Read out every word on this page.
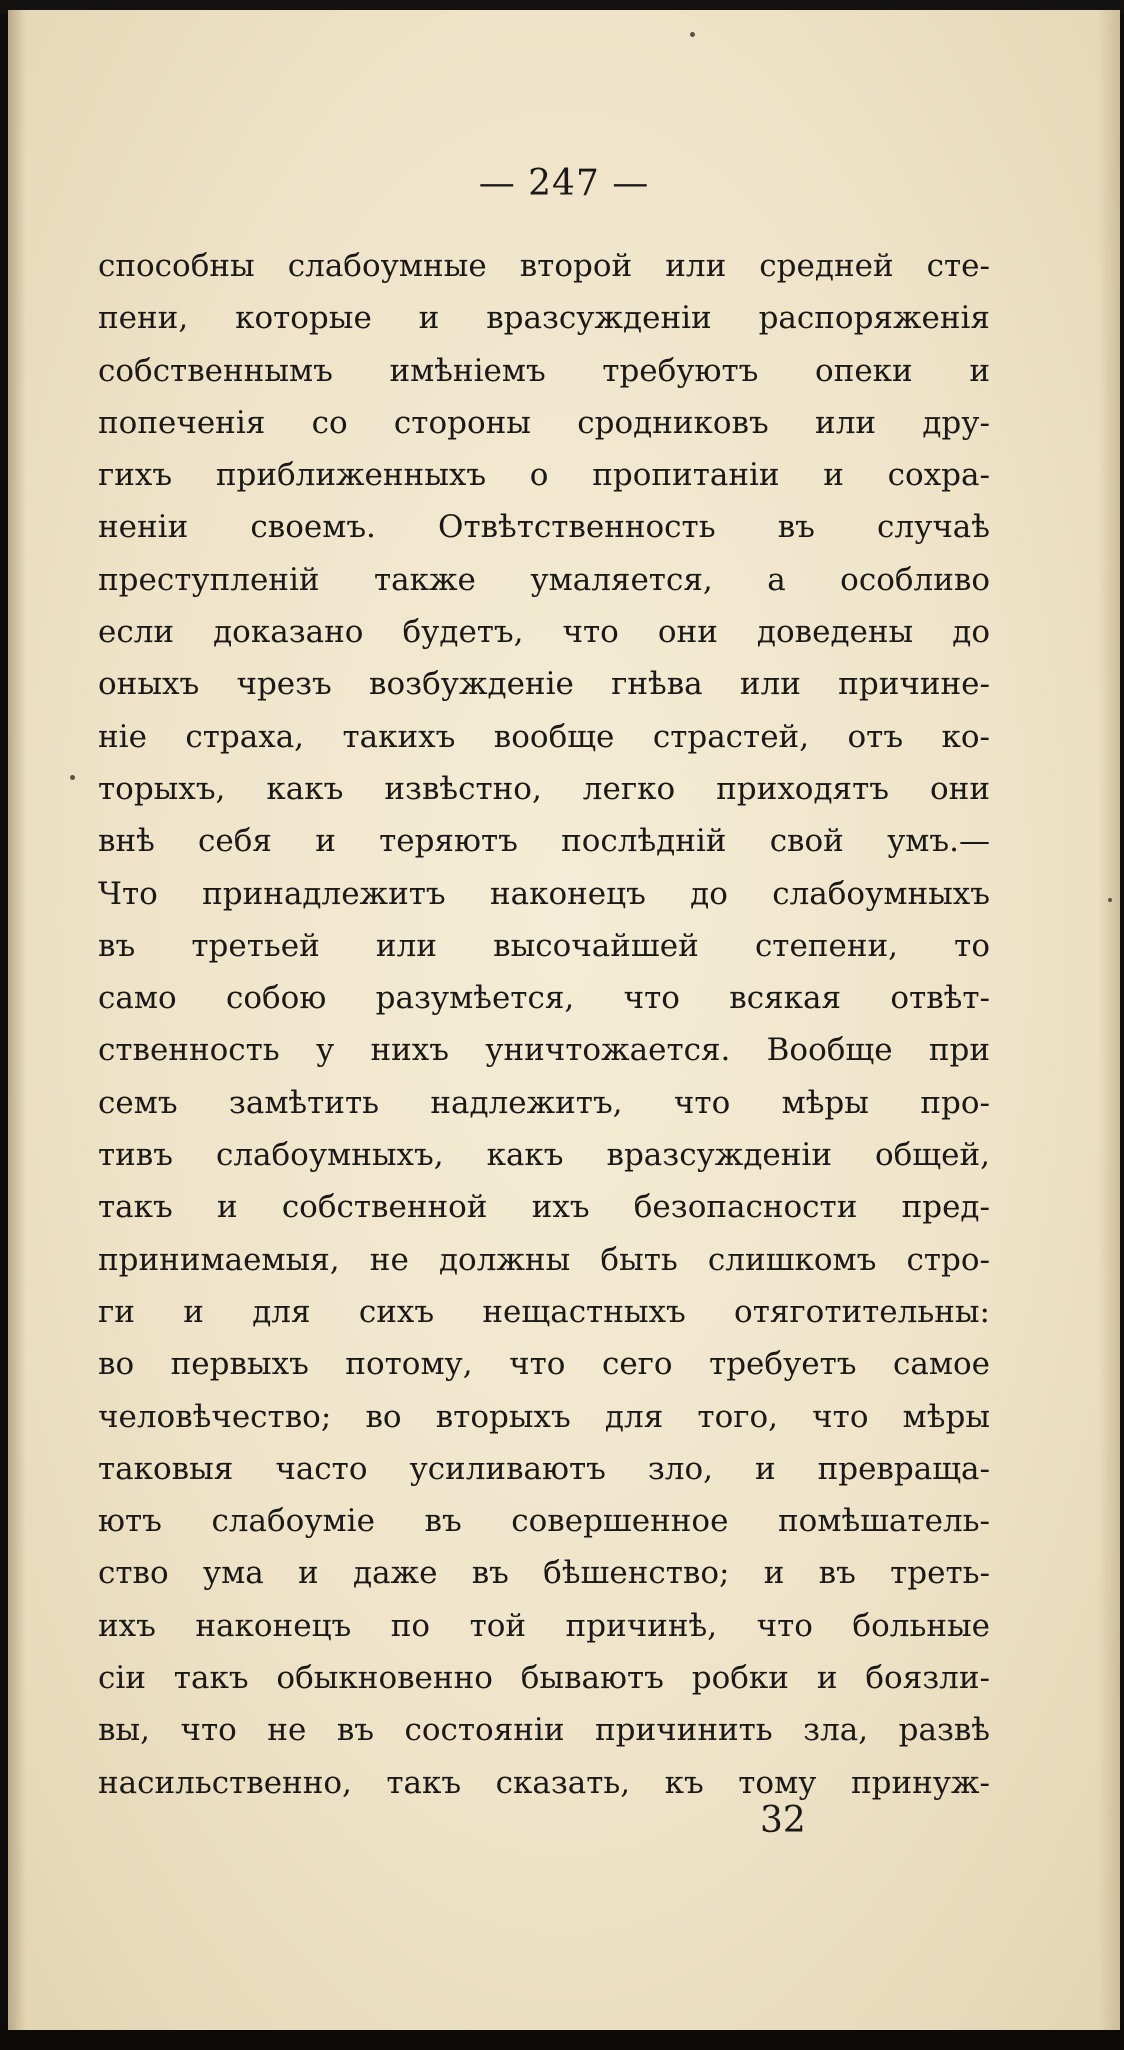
— 247 —
способны слабоумные второй или средней сте-
пени, которые и вразсужденіи распоряженія
собственнымъ имѣніемъ требуютъ опеки и
попеченія со стороны сродниковъ или дру-
гихъ приближенныхъ о пропитаніи и сохра-
неніи своемъ. Отвѣтственность въ случаѣ
преступленій также умаляется, а особливо
если доказано будетъ, что они доведены до
оныхъ чрезъ возбужденіе гнѣва или причине-
ніе страха, такихъ вообще страстей, отъ ко-
торыхъ, какъ извѣстно, легко приходятъ они
внѣ себя и теряютъ послѣдній свой умъ.—
Что принадлежитъ наконецъ до слабоумныхъ
въ третьей или высочайшей степени, то
само собою разумѣется, что всякая отвѣт-
ственность у нихъ уничтожается. Вообще при
семъ замѣтить надлежитъ, что мѣры про-
тивъ слабоумныхъ, какъ вразсужденіи общей,
такъ и собственной ихъ безопасности пред-
принимаемыя, не должны быть слишкомъ стро-
ги и для сихъ нещастныхъ отяготительны:
во первыхъ потому, что сего требуетъ самое
человѣчество; во вторыхъ для того, что мѣры
таковыя часто усиливаютъ зло, и превраща-
ютъ слабоуміе въ совершенное помѣшатель-
ство ума и даже въ бѣшенство; и въ треть-
ихъ наконецъ по той причинѣ, что больные
сіи такъ обыкновенно бываютъ робки и боязли-
вы, что не въ состояніи причинить зла, развѣ
насильственно, такъ сказать, къ тому принуж-
32
